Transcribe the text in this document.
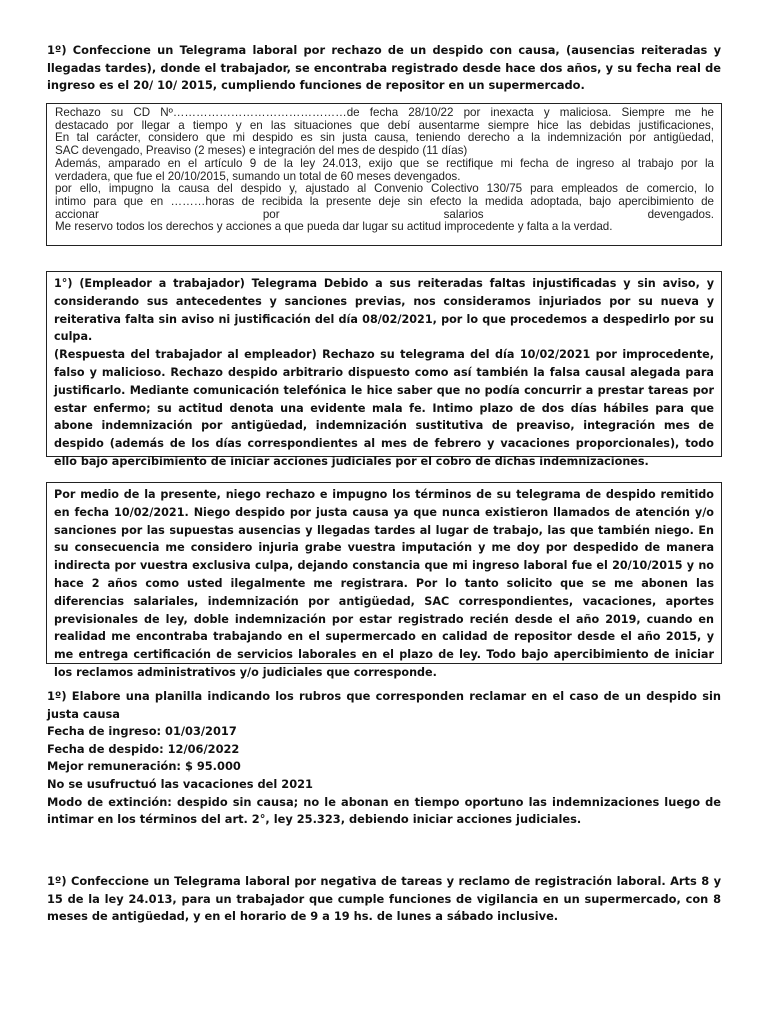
1º) Confeccione un Telegrama laboral por rechazo de un despido con causa, (ausencias reiteradas y llegadas tardes), donde el trabajador, se encontraba registrado desde hace dos años, y su fecha real de ingreso es el 20/ 10/ 2015, cumpliendo funciones de repositor en un supermercado.

Rechazo su CD Nº………………………………………de fecha 28/10/22 por inexacta y maliciosa. Siempre me he
destacado por llegar a tiempo y en las situaciones que debí ausentarme siempre hice las debidas justificaciones,
En tal carácter, considero que mi despido es sin justa causa, teniendo derecho a la indemnización por antigüedad,
SAC devengado, Preaviso (2 meses) e integración del mes de despido (11 días)
Además, amparado en el artículo 9 de la ley 24.013, exijo que se rectifique mi fecha de ingreso al trabajo por la
verdadera, que fue el 20/10/2015, sumando un total de 60 meses devengados.
por ello, impugno la causa del despido y, ajustado al Convenio Colectivo 130/75 para empleados de comercio, lo
intimo para que en ………horas de recibida la presente deje sin efecto la medida adoptada, bajo apercibimiento de
accionar por salarios devengados.
Me reservo todos los derechos y acciones a que pueda dar lugar su actitud improcedente y falta a la verdad.

1°) (Empleador a trabajador) Telegrama Debido a sus reiteradas faltas injustificadas y sin aviso, y considerando sus antecedentes y sanciones previas, nos consideramos injuriados por su nueva y reiterativa falta sin aviso ni justificación del día 08/02/2021, por lo que procedemos a despedirlo por su culpa.

(Respuesta del trabajador al empleador) Rechazo su telegrama del día 10/02/2021 por improcedente, falso y malicioso. Rechazo despido arbitrario dispuesto como así también la falsa causal alegada para justificarlo. Mediante comunicación telefónica le hice saber que no podía concurrir a prestar tareas por estar enfermo; su actitud denota una evidente mala fe. Intimo plazo de dos días hábiles para que abone indemnización por antigüedad, indemnización sustitutiva de preaviso, integración mes de despido (además de los días correspondientes al mes de febrero y vacaciones proporcionales), todo ello bajo apercibimiento de iniciar acciones judiciales por el cobro de dichas indemnizaciones.

Por medio de la presente, niego rechazo e impugno los términos de su telegrama de despido remitido en fecha 10/02/2021. Niego despido por justa causa ya que nunca existieron llamados de atención y/o sanciones por las supuestas ausencias y llegadas tardes al lugar de trabajo, las que también niego. En su consecuencia me considero injuria grabe vuestra imputación y me doy por despedido de manera indirecta por vuestra exclusiva culpa, dejando constancia que mi ingreso laboral fue el 20/10/2015 y no hace 2 años como usted ilegalmente me registrara. Por lo tanto solicito que se me abonen las diferencias salariales, indemnización por antigüedad, SAC correspondientes, vacaciones, aportes previsionales de ley, doble indemnización por estar registrado recién desde el año 2019, cuando en realidad me encontraba trabajando en el supermercado en calidad de repositor desde el año 2015, y me entrega certificación de servicios laborales en el plazo de ley. Todo bajo apercibimiento de iniciar los reclamos administrativos y/o judiciales que corresponde.

1º) Elabore una planilla indicando los rubros que corresponden reclamar en el caso de un despido sin justa causa

Fecha de ingreso: 01/03/2017

Fecha de despido: 12/06/2022

Mejor remuneración: $ 95.000

No se usufructuó las vacaciones del 2021

Modo de extinción: despido sin causa; no le abonan en tiempo oportuno las indemnizaciones luego de intimar en los términos del art. 2°, ley 25.323, debiendo iniciar acciones judiciales.

1º) Confeccione un Telegrama laboral por negativa de tareas y reclamo de registración laboral. Arts 8 y 15 de la ley 24.013, para un trabajador que cumple funciones de vigilancia en un supermercado, con 8 meses de antigüedad, y en el horario de 9 a 19 hs. de lunes a sábado inclusive.
